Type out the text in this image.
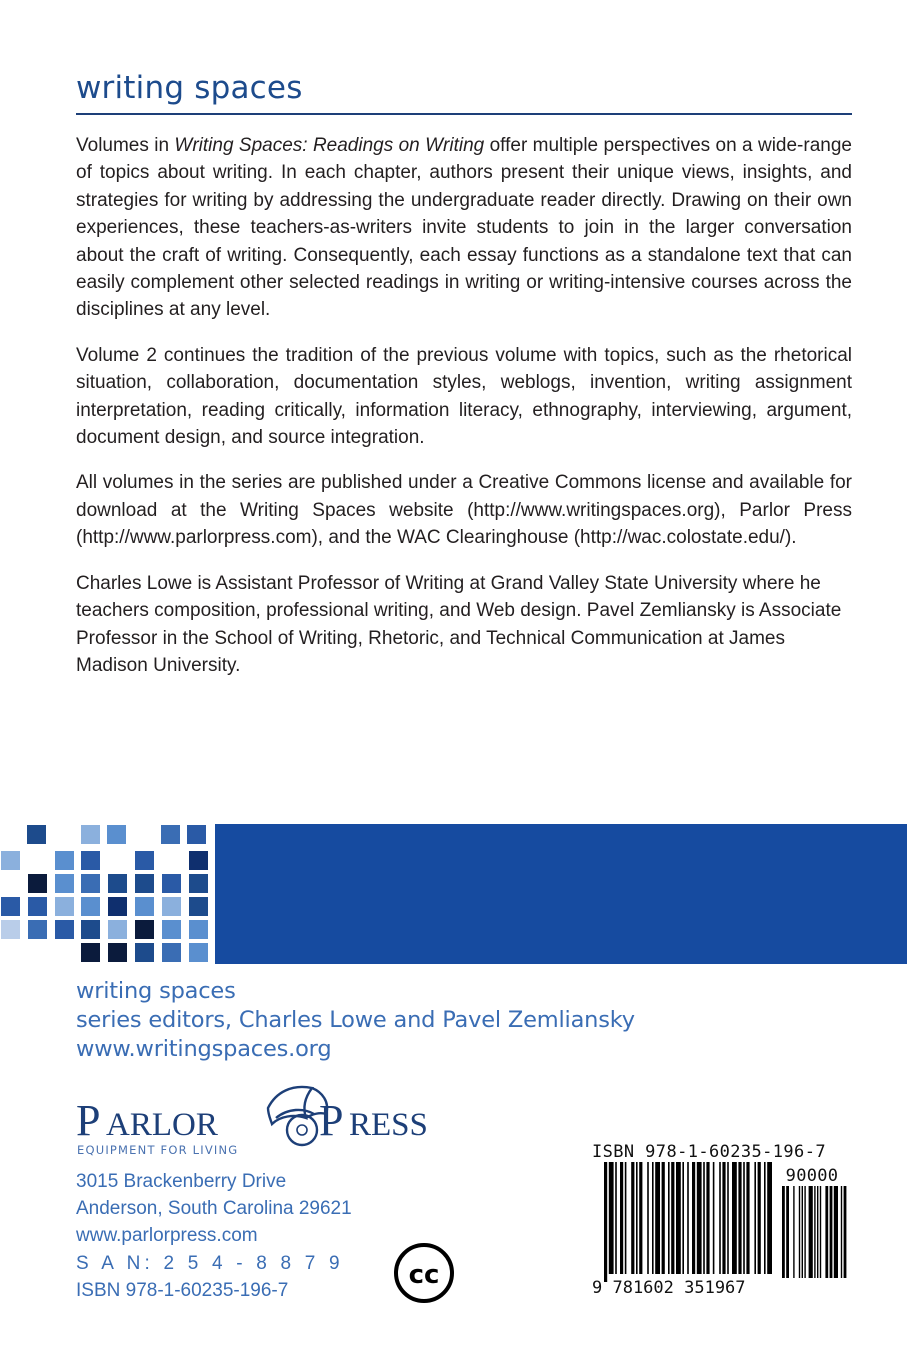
writing spaces

Volumes in Writing Spaces: Readings on Writing offer multiple perspectives on a wide-range of topics about writing. In each chapter, authors present their unique views, insights, and strategies for writing by addressing the undergraduate reader directly. Drawing on their own experiences, these teachers-as-writers invite students to join in the larger conversation about the craft of writing. Consequently, each essay functions as a standalone text that can easily complement other selected readings in writing or writing-intensive courses across the disciplines at any level.

Volume 2 continues the tradition of the previous volume with topics, such as the rhetorical situation, collaboration, documentation styles, weblogs, invention, writing assignment interpretation, reading critically, information literacy, ethnography, interviewing, argument, document design, and source integration.

All volumes in the series are published under a Creative Commons license and available for download at the Writing Spaces website (http://www.writingspaces.org), Parlor Press (http://www.parlorpress.com), and the WAC Clearinghouse (http://wac.colostate.edu/).

Charles Lowe is Assistant Professor of Writing at Grand Valley State University where he teachers composition, professional writing, and Web design. Pavel Zemliansky is Associate Professor in the School of Writing, Rhetoric, and Technical Communication at James Madison University.

writing spaces
series editors, Charles Lowe and Pavel Zemliansky
www.writingspaces.org
P ARLOR P RESS
EQUIPMENT FOR LIVING
3015 Brackenberry Drive
Anderson, South Carolina 29621
www.parlorpress.com
S A N: 2 5 4 - 8 8 7 9
ISBN 978-1-60235-196-7
cc
ISBN 978-1-60235-196-7
90000
9 781602 351967
